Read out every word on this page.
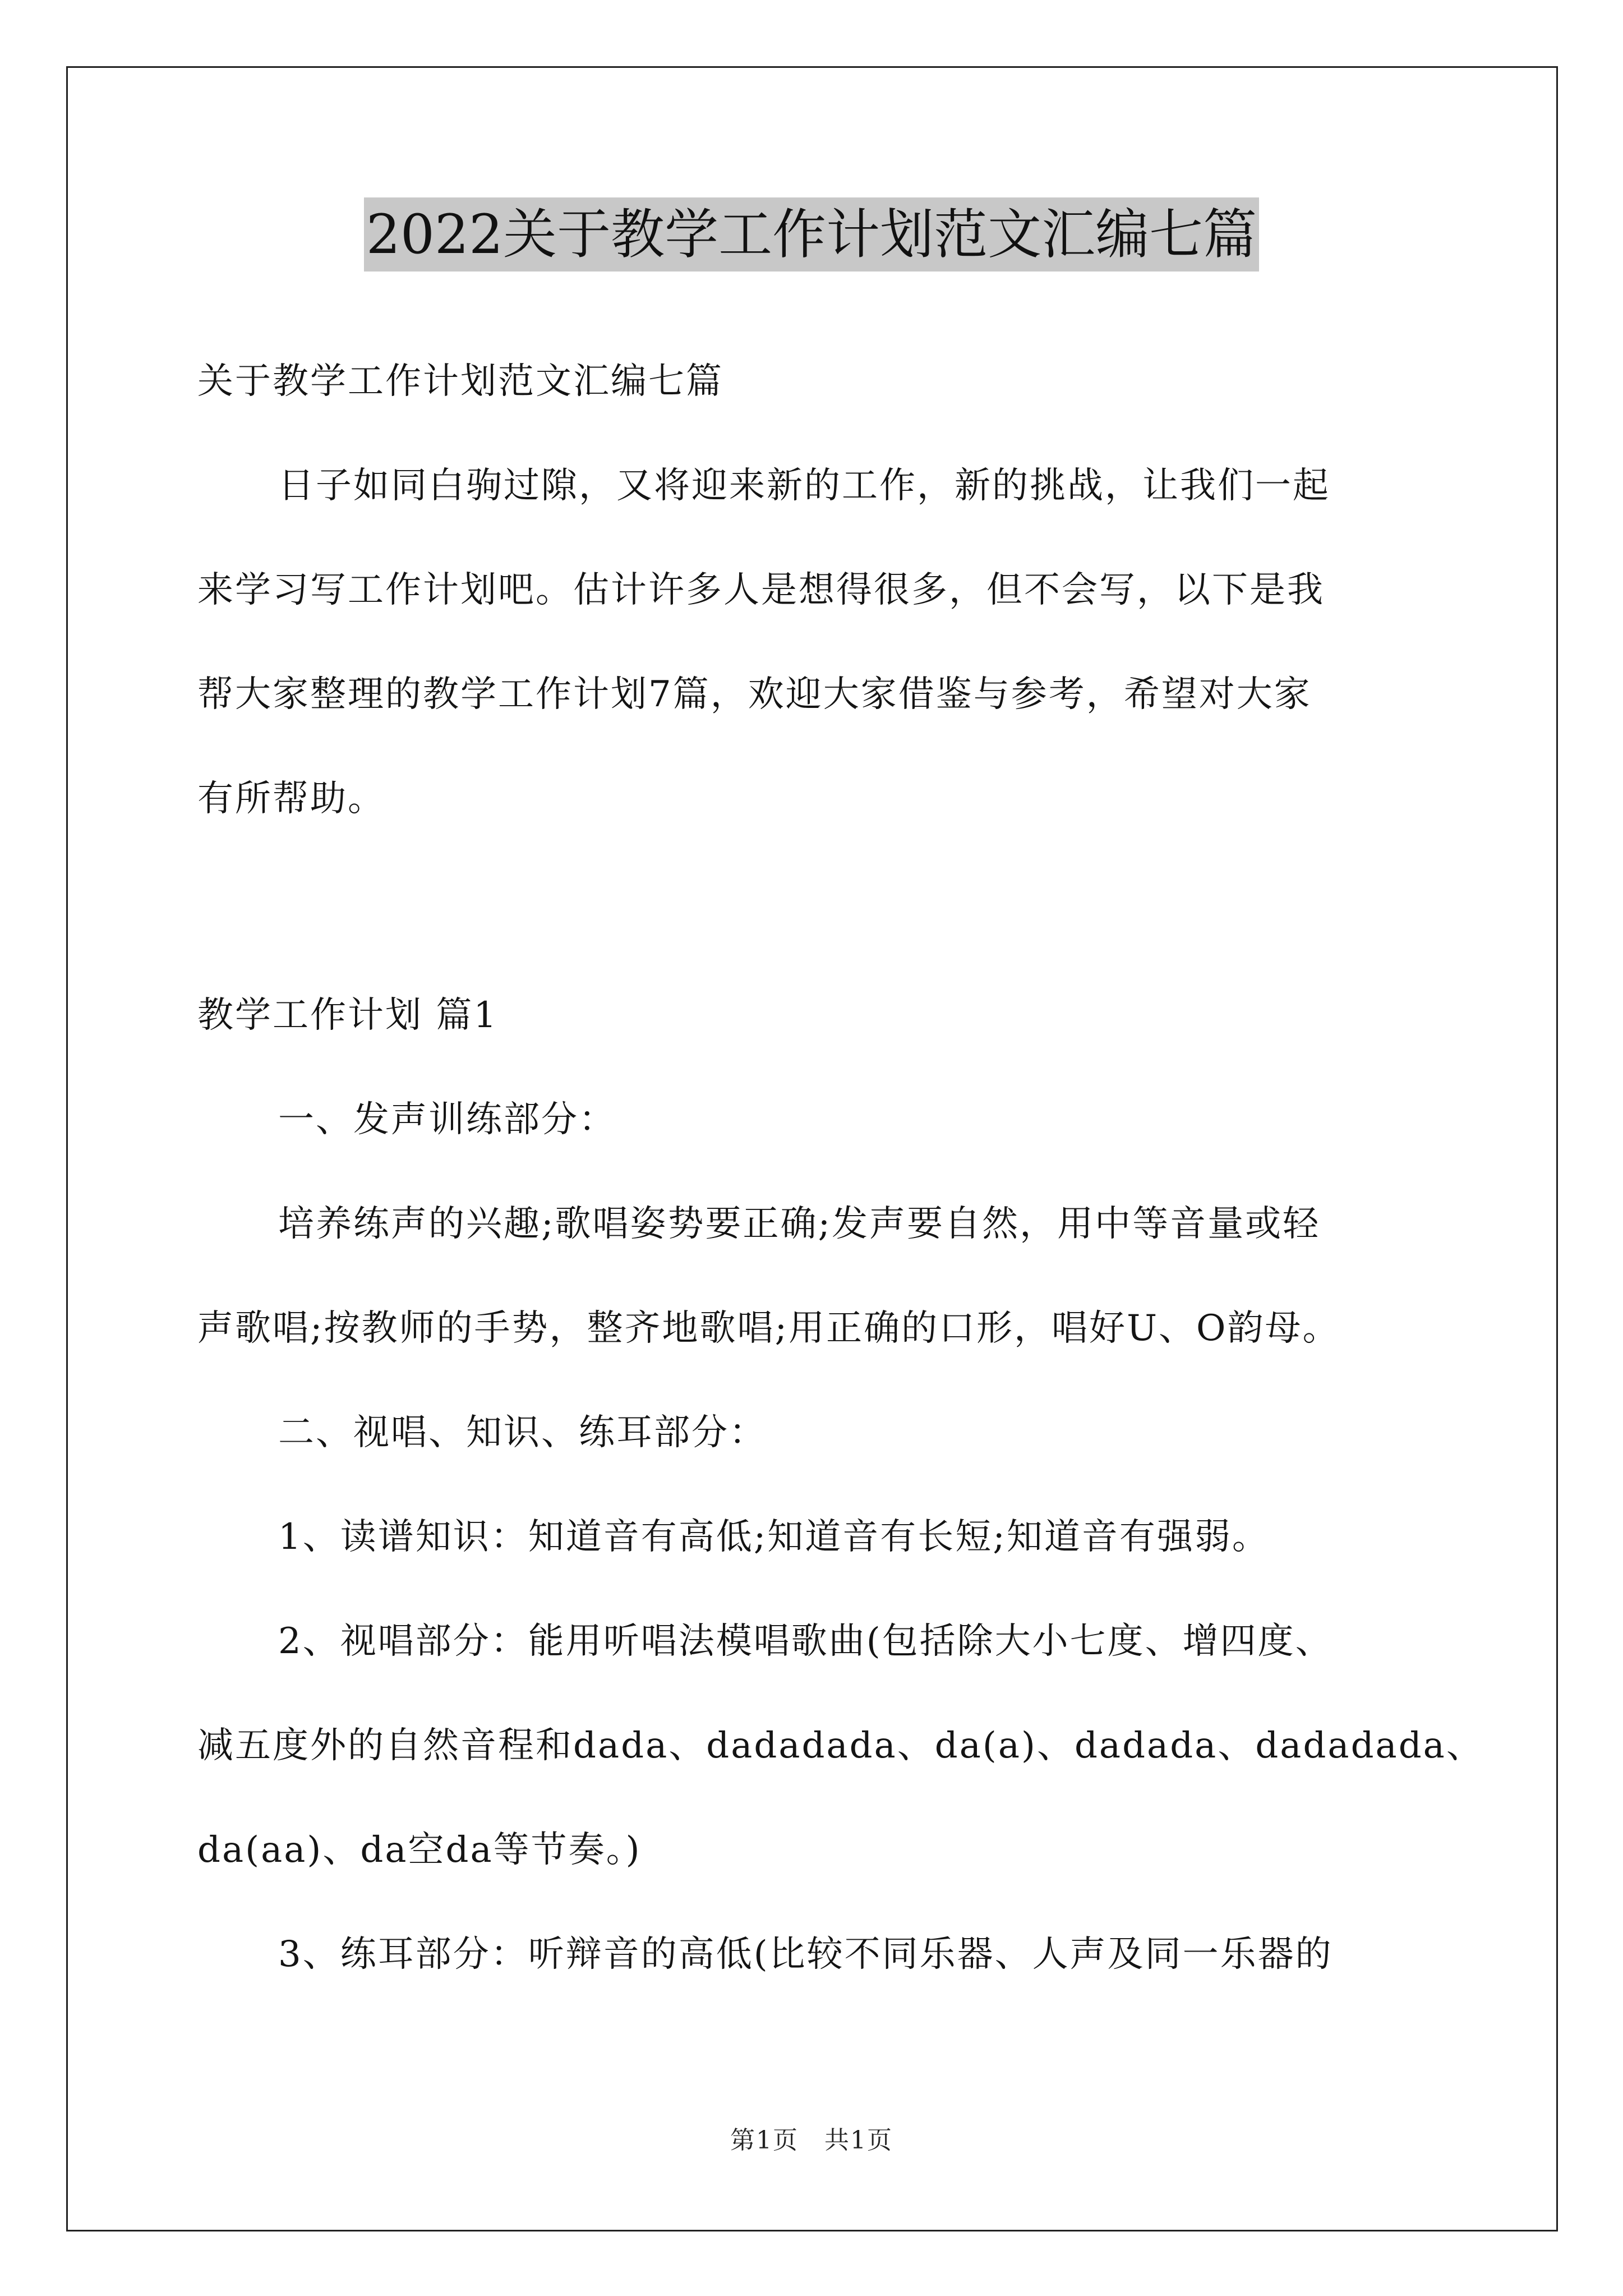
2022关于教学工作计划范文汇编七篇
关于教学工作计划范文汇编七篇
日子如同白驹过隙，又将迎来新的工作，新的挑战，让我们一起
来学习写工作计划吧。估计许多人是想得很多，但不会写，以下是我
帮大家整理的教学工作计划7篇，欢迎大家借鉴与参考，希望对大家
有所帮助。
教学工作计划 篇1
一、发声训练部分：
培养练声的兴趣;歌唱姿势要正确;发声要自然，用中等音量或轻
声歌唱;按教师的手势，整齐地歌唱;用正确的口形，唱好U、O韵母。
二、视唱、知识、练耳部分：
1、读谱知识：知道音有高低;知道音有长短;知道音有强弱。
2、视唱部分：能用听唱法模唱歌曲(包括除大小七度、增四度、
减五度外的自然音程和dada、dadadada、da(a)、dadada、dadadada、
da(aa)、da空da等节奏。)
3、练耳部分：听辩音的高低(比较不同乐器、人声及同一乐器的
第1页　共1页
